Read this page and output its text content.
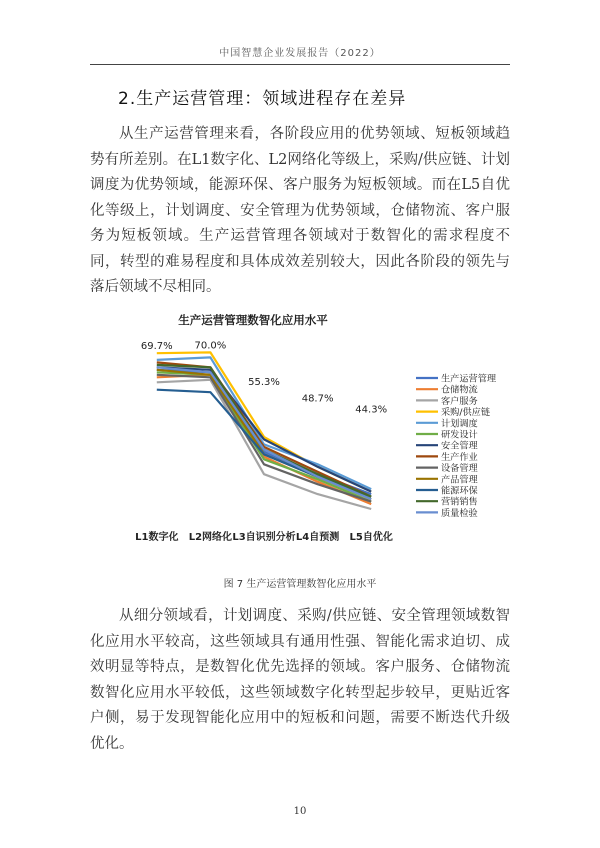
中国智慧企业发展报告（2022）
2.生产运营管理：领域进程存在差异

从生产运营管理来看，各阶段应用的优势领域、短板领域趋势有所差别。在L1数字化、L2网络化等级上，采购/供应链、计划调度为优势领域，能源环保、客户服务为短板领域。而在L5自优化等级上，计划调度、安全管理为优势领域，仓储物流、客户服务为短板领域。生产运营管理各领域对于数智化的需求程度不同，转型的难易程度和具体成效差别较大，因此各阶段的领先与落后领域不尽相同。

生产运营管理数智化应用水平
69.7% 70.0%
55.3%
48.7%
44.3%
L1数字化 L2网络化 L3自识别分析 L4自预测 L5自优化
生产运营管理
仓储物流
客户服务
采购/供应链
计划调度
研发设计
安全管理
生产作业
设备管理
产品管理
能源环保
营销销售
质量检验
图 7 生产运营管理数智化应用水平

从细分领域看，计划调度、采购/供应链、安全管理领域数智化应用水平较高，这些领域具有通用性强、智能化需求迫切、成效明显等特点，是数智化优先选择的领域。客户服务、仓储物流数智化应用水平较低，这些领域数字化转型起步较早，更贴近客户侧，易于发现智能化应用中的短板和问题，需要不断迭代升级优化。

10
